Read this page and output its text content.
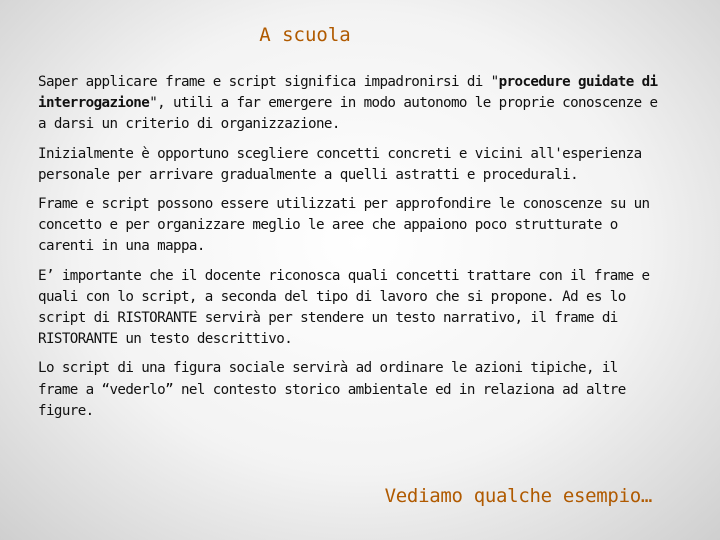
A scuola

Saper applicare frame e script significa impadronirsi di "procedure guidate di interrogazione", utili a far emergere in modo autonomo le proprie conoscenze e a darsi un criterio di organizzazione.

Inizialmente è opportuno scegliere concetti concreti e vicini all'esperienza personale per arrivare gradualmente a quelli astratti e procedurali.

Frame e script possono essere utilizzati per approfondire le conoscenze su un concetto e per organizzare meglio le aree che appaiono poco strutturate o carenti in una mappa.

E’ importante che il docente riconosca quali concetti trattare con il frame e quali con lo script, a seconda del tipo di lavoro che si propone. Ad es lo script di RISTORANTE servirà per stendere un testo narrativo, il frame di RISTORANTE un testo descrittivo.

Lo script di una figura sociale servirà ad ordinare le azioni tipiche, il frame a “vederlo” nel contesto storico ambientale ed in relaziona ad altre figure.

Vediamo qualche esempio…
